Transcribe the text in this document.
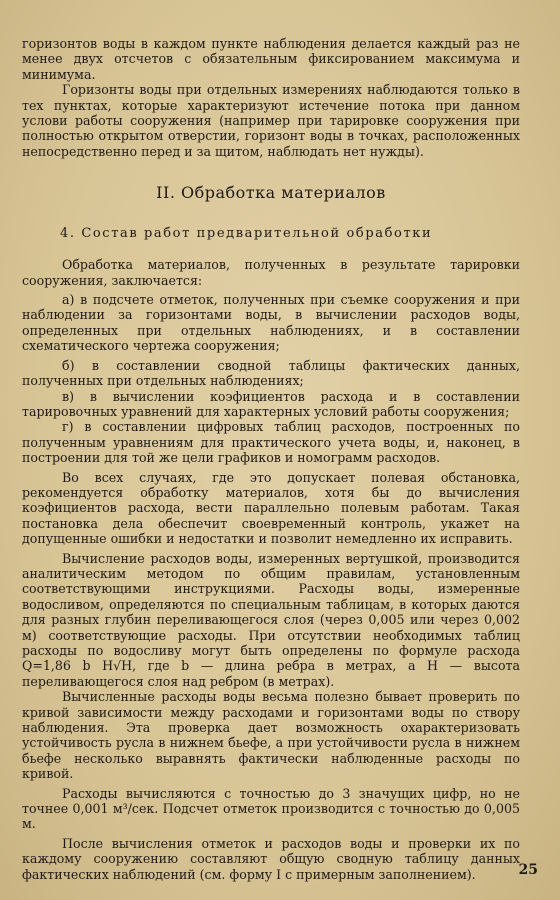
горизонтов воды в каждом пункте наблюдения делается каждый раз не менее двух отсчетов с обязательным фиксированием максимума и минимума.

Горизонты воды при отдельных измерениях наблюдаются только в тех пунктах, которые характеризуют истечение потока при данном услови работы сооружения (например при тарировке сооружения при полностью открытом отверстии, горизонт воды в точках, расположенных непосредственно перед и за щитом, наблюдать нет нужды).

II. Обработка материалов
4. Состав работ предварительной обработки

Обработка материалов, полученных в результате тарировки сооружения, заключается:

а) в подсчете отметок, полученных при съемке сооружения и при наблюдении за горизонтами воды, в вычислении расходов воды, определенных при отдельных наблюдениях, и в составлении схематического чертежа сооружения;

б) в составлении сводной таблицы фактических данных, полученных при отдельных наблюдениях;

в) в вычислении коэфициентов расхода и в составлении тарировочных уравнений для характерных условий работы сооружения;

г) в составлении цифровых таблиц расходов, построенных по полученным уравнениям для практического учета воды, и, наконец, в построении для той же цели графиков и номограмм расходов.

Во всех случаях, где это допускает полевая обстановка, рекомендуется обработку материалов, хотя бы до вычисления коэфициентов расхода, вести параллельно полевым работам. Такая постановка дела обеспечит своевременный контроль, укажет на допущенные ошибки и недостатки и позволит немедленно их исправить.

Вычисление расходов воды, измеренных вертушкой, производится аналитическим методом по общим правилам, установленным соответствующими инструкциями. Расходы воды, измеренные водосливом, определяются по специальным таблицам, в которых даются для разных глубин переливающегося слоя (через 0,005 или через 0,002 м) соответствующие расходы. При отсутствии необходимых таблиц расходы по водосливу могут быть определены по формуле расхода Q=1,86 b H√H, где b — длина ребра в метрах, а H — высота переливающегося слоя над ребром (в метрах).

Вычисленные расходы воды весьма полезно бывает проверить по кривой зависимости между расходами и горизонтами воды по створу наблюдения. Эта проверка дает возможность охарактеризовать устойчивость русла в нижнем бьефе, а при устойчивости русла в нижнем бьефе несколько выравнять фактически наблюденные расходы по кривой.

Расходы вычисляются с точностью до 3 значущих цифр, но не точнее 0,001 м³/сек. Подсчет отметок производится с точностью до 0,005 м.

После вычисления отметок и расходов воды и проверки их по каждому сооружению составляют общую сводную таблицу данных фактических наблюдений (см. форму I с примерным заполнением).	25
